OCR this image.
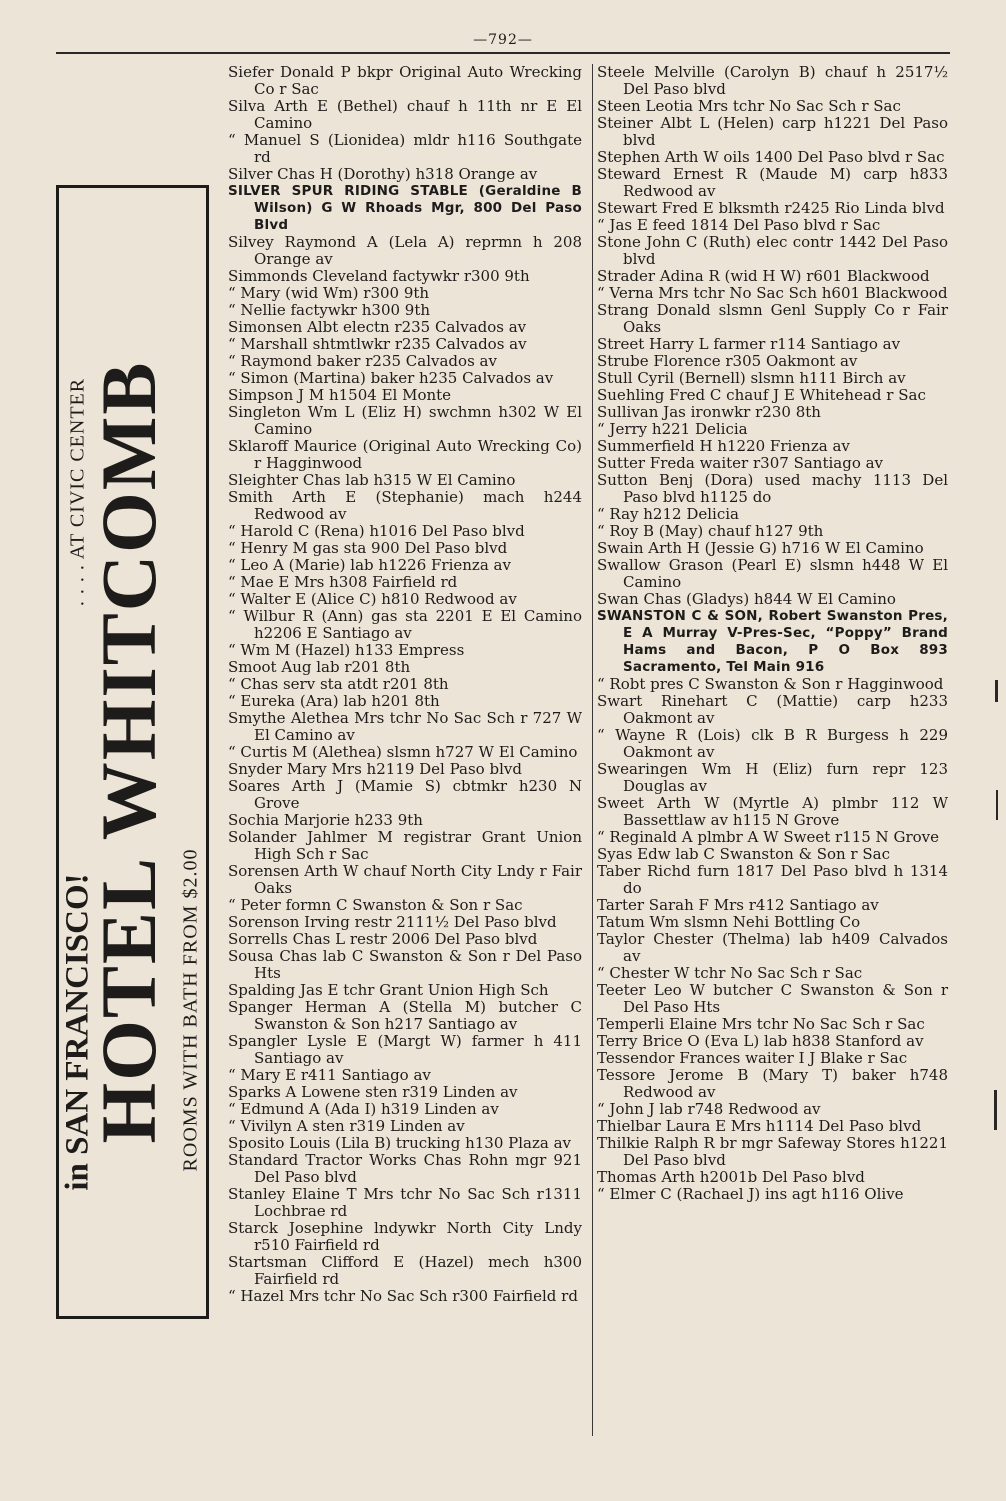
—792—
HOTEL WHITCOMB
in SAN FRANCISCO!
. . . . AT CIVIC CENTER
ROOMS WITH BATH FROM $2.00
Siefer Donald P bkpr Original Auto Wrecking Co r Sac
Silva Arth E (Bethel) chauf h 11th nr E El Camino
“ Manuel S (Lionidea) mldr h116 Southgate rd
Silver Chas H (Dorothy) h318 Orange av
SILVER SPUR RIDING STABLE (Geraldine B Wilson) G W Rhoads Mgr, 800 Del Paso Blvd
Silvey Raymond A (Lela A) reprmn h 208 Orange av
Simmonds Cleveland factywkr r300 9th
“ Mary (wid Wm) r300 9th
“ Nellie factywkr h300 9th
Simonsen Albt electn r235 Calvados av
“ Marshall shtmtlwkr r235 Calvados av
“ Raymond baker r235 Calvados av
“ Simon (Martina) baker h235 Calvados av
Simpson J M h1504 El Monte
Singleton Wm L (Eliz H) swchmn h302 W El Camino
Sklaroff Maurice (Original Auto Wrecking Co) r Hagginwood
Sleighter Chas lab h315 W El Camino
Smith Arth E (Stephanie) mach h244 Redwood av
“ Harold C (Rena) h1016 Del Paso blvd
“ Henry M gas sta 900 Del Paso blvd
“ Leo A (Marie) lab h1226 Frienza av
“ Mae E Mrs h308 Fairfield rd
“ Walter E (Alice C) h810 Redwood av
“ Wilbur R (Ann) gas sta 2201 E El Camino h2206 E Santiago av
“ Wm M (Hazel) h133 Empress
Smoot Aug lab r201 8th
“ Chas serv sta atdt r201 8th
“ Eureka (Ara) lab h201 8th
Smythe Alethea Mrs tchr No Sac Sch r 727 W El Camino av
“ Curtis M (Alethea) slsmn h727 W El Camino
Snyder Mary Mrs h2119 Del Paso blvd
Soares Arth J (Mamie S) cbtmkr h230 N Grove
Sochia Marjorie h233 9th
Solander Jahlmer M registrar Grant Union High Sch r Sac
Sorensen Arth W chauf North City Lndy r Fair Oaks
“ Peter formn C Swanston & Son r Sac
Sorenson Irving restr 2111½ Del Paso blvd
Sorrells Chas L restr 2006 Del Paso blvd
Sousa Chas lab C Swanston & Son r Del Paso Hts
Spalding Jas E tchr Grant Union High Sch
Spanger Herman A (Stella M) butcher C Swanston & Son h217 Santiago av
Spangler Lysle E (Margt W) farmer h 411 Santiago av
“ Mary E r411 Santiago av
Sparks A Lowene sten r319 Linden av
“ Edmund A (Ada I) h319 Linden av
“ Vivilyn A sten r319 Linden av
Sposito Louis (Lila B) trucking h130 Plaza av
Standard Tractor Works Chas Rohn mgr 921 Del Paso blvd
Stanley Elaine T Mrs tchr No Sac Sch r1311 Lochbrae rd
Starck Josephine lndywkr North City Lndy r510 Fairfield rd
Startsman Clifford E (Hazel) mech h300 Fairfield rd
“ Hazel Mrs tchr No Sac Sch r300 Fairfield rd
Steele Melville (Carolyn B) chauf h 2517½ Del Paso blvd
Steen Leotia Mrs tchr No Sac Sch r Sac
Steiner Albt L (Helen) carp h1221 Del Paso blvd
Stephen Arth W oils 1400 Del Paso blvd r Sac
Steward Ernest R (Maude M) carp h833 Redwood av
Stewart Fred E blksmth r2425 Rio Linda blvd
“ Jas E feed 1814 Del Paso blvd r Sac
Stone John C (Ruth) elec contr 1442 Del Paso blvd
Strader Adina R (wid H W) r601 Blackwood
“ Verna Mrs tchr No Sac Sch h601 Blackwood
Strang Donald slsmn Genl Supply Co r Fair Oaks
Street Harry L farmer r114 Santiago av
Strube Florence r305 Oakmont av
Stull Cyril (Bernell) slsmn h111 Birch av
Suehling Fred C chauf J E Whitehead r Sac
Sullivan Jas ironwkr r230 8th
“ Jerry h221 Delicia
Summerfield H h1220 Frienza av
Sutter Freda waiter r307 Santiago av
Sutton Benj (Dora) used machy 1113 Del Paso blvd h1125 do
“ Ray h212 Delicia
“ Roy B (May) chauf h127 9th
Swain Arth H (Jessie G) h716 W El Camino
Swallow Grason (Pearl E) slsmn h448 W El Camino
Swan Chas (Gladys) h844 W El Camino
SWANSTON C & SON, Robert Swanston Pres, E A Murray V-Pres-Sec, “Poppy” Brand Hams and Bacon, P O Box 893 Sacramento, Tel Main 916
“ Robt pres C Swanston & Son r Hagginwood
Swart Rinehart C (Mattie) carp h233 Oakmont av
“ Wayne R (Lois) clk B R Burgess h 229 Oakmont av
Swearingen Wm H (Eliz) furn repr 123 Douglas av
Sweet Arth W (Myrtle A) plmbr 112 W Bassettlaw av h115 N Grove
“ Reginald A plmbr A W Sweet r115 N Grove
Syas Edw lab C Swanston & Son r Sac
Taber Richd furn 1817 Del Paso blvd h 1314 do
Tarter Sarah F Mrs r412 Santiago av
Tatum Wm slsmn Nehi Bottling Co
Taylor Chester (Thelma) lab h409 Calvados av
“ Chester W tchr No Sac Sch r Sac
Teeter Leo W butcher C Swanston & Son r Del Paso Hts
Temperli Elaine Mrs tchr No Sac Sch r Sac
Terry Brice O (Eva L) lab h838 Stanford av
Tessendor Frances waiter I J Blake r Sac
Tessore Jerome B (Mary T) baker h748 Redwood av
“ John J lab r748 Redwood av
Thielbar Laura E Mrs h1114 Del Paso blvd
Thilkie Ralph R br mgr Safeway Stores h1221 Del Paso blvd
Thomas Arth h2001b Del Paso blvd
“ Elmer C (Rachael J) ins agt h116 Olive
